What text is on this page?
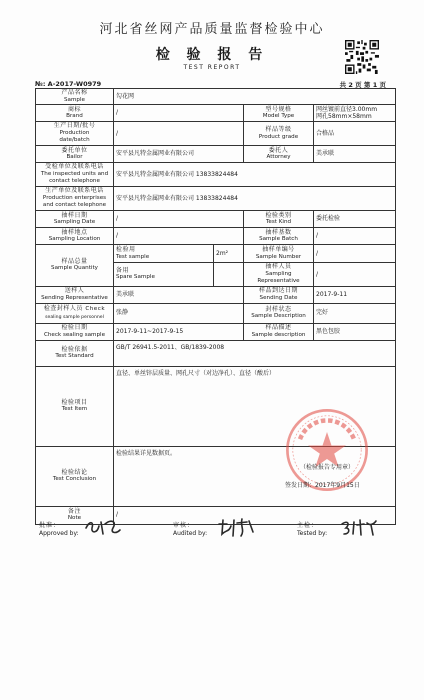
河北省丝网产品质量监督检验中心
检 验 报 告
TEST REPORT
№: A-2017-W0979	共 2 页 第 1 页
产品名称
Sample	勾花网			

商标
Brand	/		型号规格
Model Type	网丝镀前直径3.00mm
网孔58mm×58mm

生产日期/批号
Production
date/batch	/		样品等级
Product grade	合格品

委托单位
Bailor	安平县凡特金属网业有限公司		委托人
Attorney	美承联

受检单位及联系电话
The inspected units and
contact telephone	安平县凡特金属网业有限公司 13833824484			

生产单位及联系电话
Production enterprises
and contact telephone	安平县凡特金属网业有限公司 13833824484			

抽样日期
Sampling Date	/		检验类别
Test Kind	委托检验

抽样地点
Sampling Location	/		抽样基数
Sample Batch	/

样品总量
Sample Quantity	检验用
Test sample	2m²	抽样单编号
Sample Number	/

	备用
Spare Sample		抽样人员
Sampling Representative	/

送样人
Sending Representative	美承联		样品到达日期
Sending Date	2017-9-11

检查封样人员 Check
sealing sample personnel	张静		封样状态
Sample Description	完好

检验日期
Check sealing sample	2017-9-11~2017-9-15		样品描述
Sample description	黑色包胶

检验依据
Test Standard	GB/T 26941.5-2011、GB/1839-2008			

检验项目
Test Item	直径、单丝锌层质量、网孔尺寸（对边净孔）、直径（酸后）			

检验结论
Test Conclusion	检验结果详见数据页。			

备注
Note	/			
（检验报告专用章）
签发日期：2017年9月15日
批准：
Approved by:
审核：
Audited by:
主检：
Tested by:
